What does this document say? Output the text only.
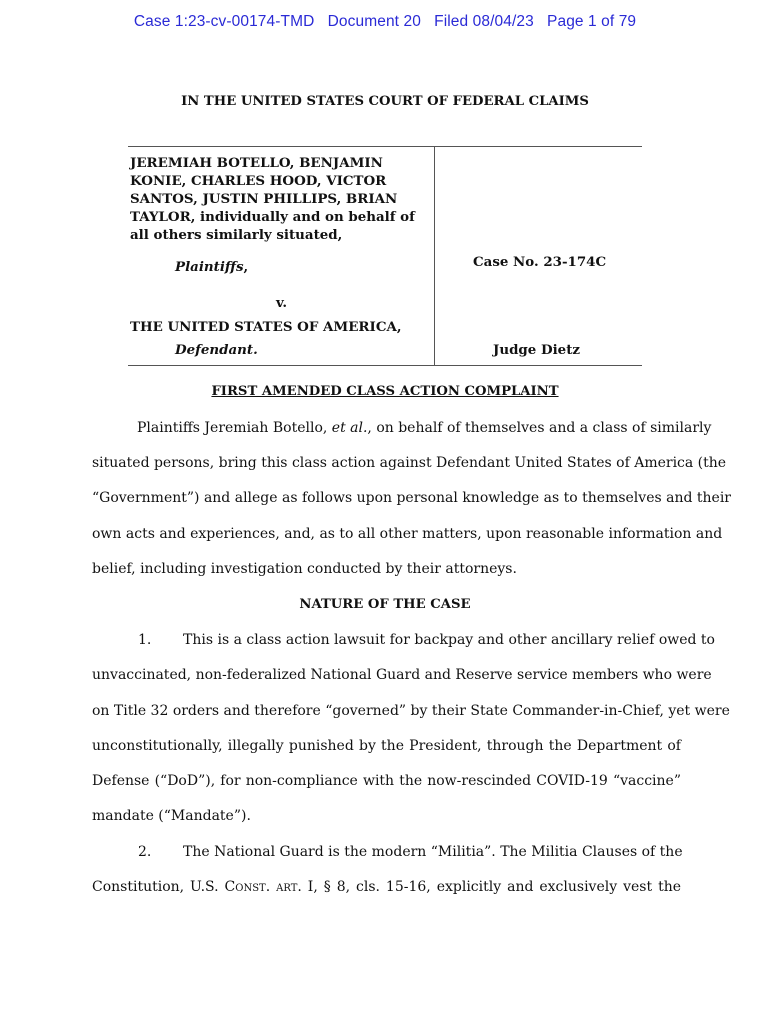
Case 1:23-cv-00174-TMD Document 20 Filed 08/04/23 Page 1 of 79
IN THE UNITED STATES COURT OF FEDERAL CLAIMS
JEREMIAH BOTELLO, BENJAMIN
KONIE, CHARLES HOOD, VICTOR
SANTOS, JUSTIN PHILLIPS, BRIAN
TAYLOR, individually and on behalf of
all others similarly situated,
Plaintiffs,
v.
THE UNITED STATES OF AMERICA,
Defendant.
Case No. 23-174C
Judge Dietz
FIRST AMENDED CLASS ACTION COMPLAINT
Plaintiffs Jeremiah Botello, et al., on behalf of themselves and a class of similarly
situated persons, bring this class action against Defendant United States of America (the
“Government”) and allege as follows upon personal knowledge as to themselves and their
own acts and experiences, and, as to all other matters, upon reasonable information and
belief, including investigation conducted by their attorneys.
NATURE OF THE CASE
1. This is a class action lawsuit for backpay and other ancillary relief owed to
unvaccinated, non-federalized National Guard and Reserve service members who were
on Title 32 orders and therefore “governed” by their State Commander-in-Chief, yet were
unconstitutionally, illegally punished by the President, through the Department of
Defense (“DoD”), for non-compliance with the now-rescinded COVID-19 “vaccine”
mandate (“Mandate”).
2. The National Guard is the modern “Militia”. The Militia Clauses of the
Constitution, U.S. Const. art. I, § 8, cls. 15-16, explicitly and exclusively vest the
